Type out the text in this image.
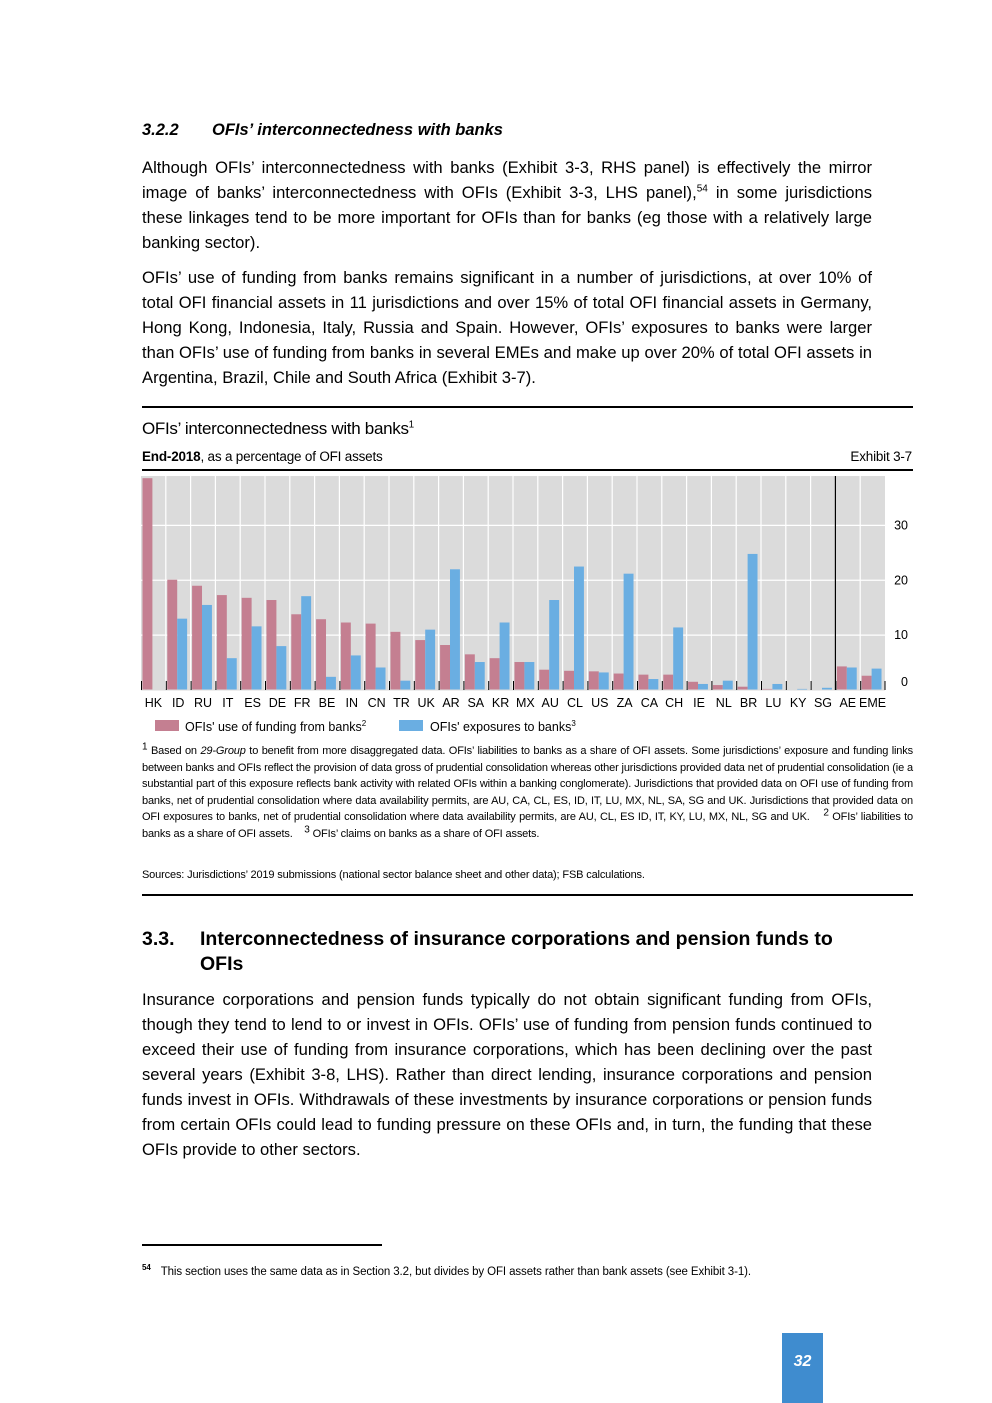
3.2.2 OFIs’ interconnectedness with banks
Although OFIs’ interconnectedness with banks (Exhibit 3-3, RHS panel) is effectively the mirror image of banks’ interconnectedness with OFIs (Exhibit 3-3, LHS panel),$^{54}$ in some jurisdictions these linkages tend to be more important for OFIs than for banks (eg those with a relatively large banking sector).
OFIs’ use of funding from banks remains significant in a number of jurisdictions, at over 10% of total OFI financial assets in 11 jurisdictions and over 15% of total OFI financial assets in Germany, Hong Kong, Indonesia, Italy, Russia and Spain. However, OFIs’ exposures to banks were larger than OFIs’ use of funding from banks in several EMEs and make up over 20% of total OFI assets in Argentina, Brazil, Chile and South Africa (Exhibit 3-7).
OFIs’ interconnectedness with banks$^1$
End-2018, as a percentage of OFI assets	Exhibit 3-7
0
10
20
30
HK ID RU IT ES DE FR BE IN CN TR UK AR SA KR MX AU CL US ZA CA CH IE NL BR LU KY SG AE EME
OFIs' use of funding from banks$^2$	OFIs' exposures to banks$^3$
$^1$ Based on 29-Group to benefit from more disaggregated data. OFIs’ liabilities to banks as a share of OFI assets. Some jurisdictions’ exposure and funding links between banks and OFIs reflect the provision of data gross of prudential consolidation whereas other jurisdictions provided data net of prudential consolidation (ie a substantial part of this exposure reflects bank activity with related OFIs within a banking conglomerate). Jurisdictions that provided data on OFI use of funding from banks, net of prudential consolidation where data availability permits, are AU, CA, CL, ES, ID, IT, LU, MX, NL, SA, SG and UK. Jurisdictions that provided data on OFI exposures to banks, net of prudential consolidation where data availability permits, are AU, CL, ES ID, IT, KY, LU, MX, NL, SG and UK. $^2$ OFIs’ liabilities to banks as a share of OFI assets. $^3$ OFIs’ claims on banks as a share of OFI assets.
Sources: Jurisdictions’ 2019 submissions (national sector balance sheet and other data); FSB calculations.
3.3. Interconnectedness of insurance corporations and pension funds to OFIs
Insurance corporations and pension funds typically do not obtain significant funding from OFIs, though they tend to lend to or invest in OFIs. OFIs’ use of funding from pension funds continued to exceed their use of funding from insurance corporations, which has been declining over the past several years (Exhibit 3-8, LHS). Rather than direct lending, insurance corporations and pension funds invest in OFIs. Withdrawals of these investments by insurance corporations or pension funds from certain OFIs could lead to funding pressure on these OFIs and, in turn, the funding that these OFIs provide to other sectors.
$^{54}$ This section uses the same data as in Section 3.2, but divides by OFI assets rather than bank assets (see Exhibit 3-1).
32
